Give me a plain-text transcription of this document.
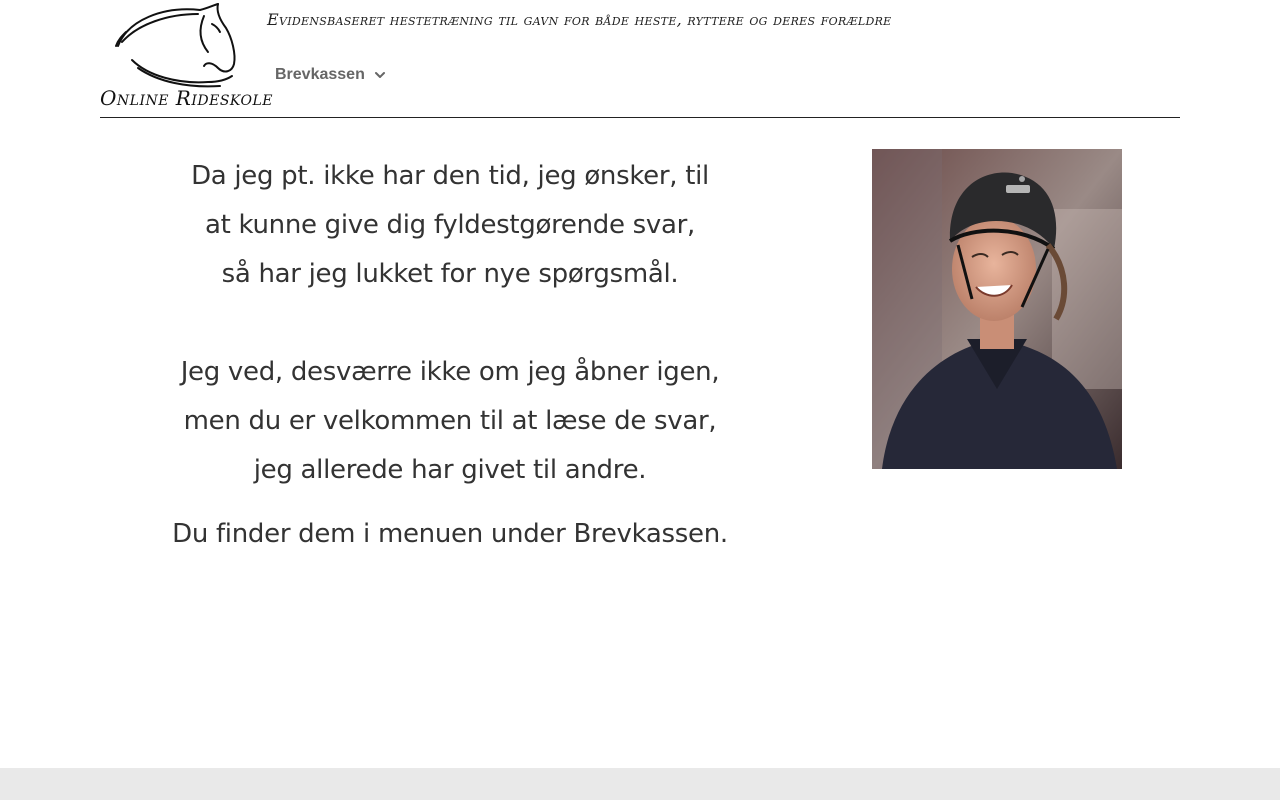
Online Rideskole
Evidensbaseret hestetræning til gavn for både heste, ryttere og deres forældre
Brevkassen
Da jeg pt. ikke har den tid, jeg ønsker, til
at kunne give dig fyldestgørende svar,
så har jeg lukket for nye spørgsmål.
Jeg ved, desværre ikke om jeg åbner igen,
men du er velkommen til at læse de svar,
jeg allerede har givet til andre.
Du finder dem i menuen under Brevkassen.
